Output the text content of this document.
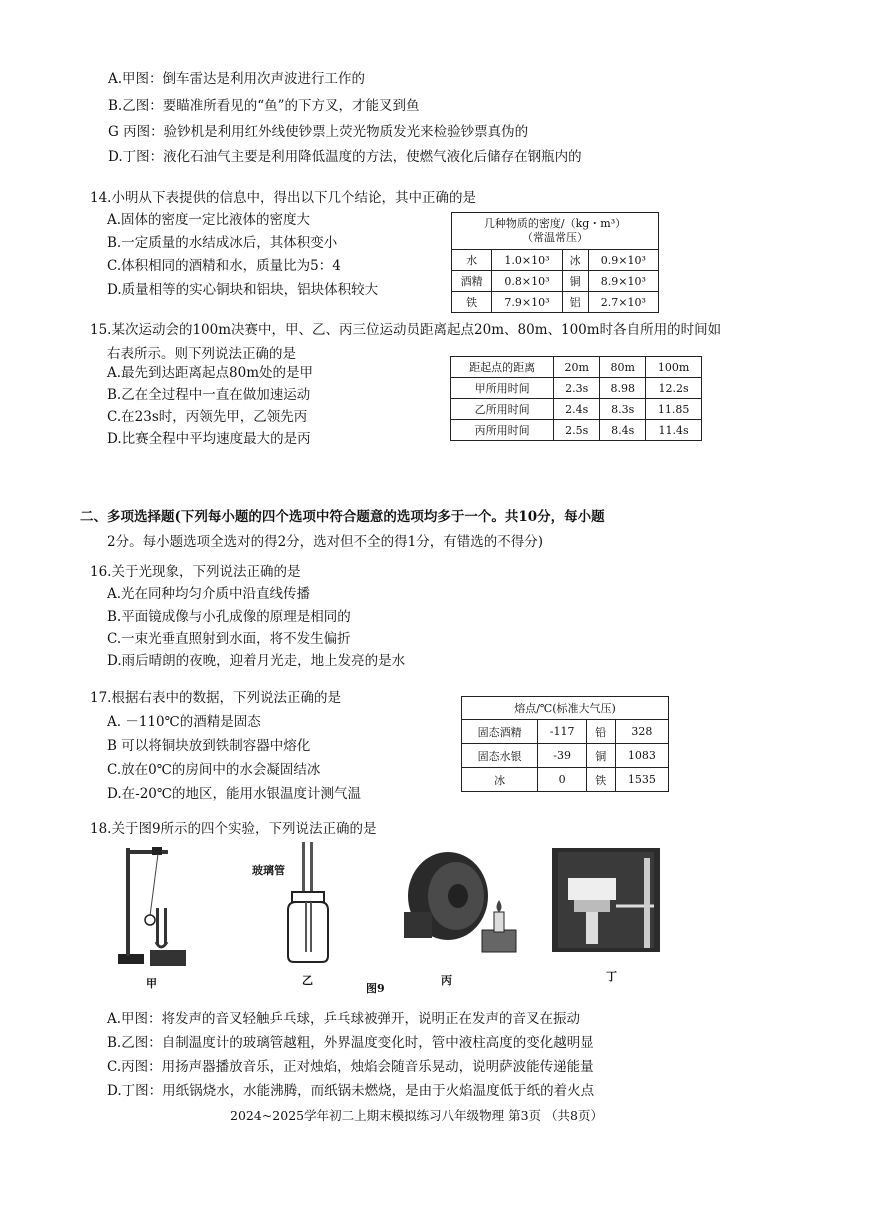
A.甲图：倒车雷达是利用次声波进行工作的
B.乙图：要瞄准所看见的“鱼”的下方叉，才能叉到鱼
G 丙图：验钞机是利用红外线使钞票上荧光物质发光来检验钞票真伪的
D.丁图：液化石油气主要是利用降低温度的方法，使燃气液化后储存在钢瓶内的
14.小明从下表提供的信息中，得出以下几个结论，其中正确的是
A.固体的密度一定比液体的密度大
B.一定质量的水结成冰后，其体积变小
C.体积相同的酒精和水，质量比为5：4
D.质量相等的实心铜块和铝块，铝块体积较大
几种物质的密度/（kg・m³）
（常温常压）			
水	1.0×10³	冰	0.9×10³
酒精	0.8×10³	铜	8.9×10³
铁	7.9×10³	铝	2.7×10³
15.某次运动会的100m决赛中，甲、乙、丙三位运动员距离起点20m、80m、100m时各自所用的时间如
右表所示。则下列说法正确的是
A.最先到达距离起点80m处的是甲
B.乙在全过程中一直在做加速运动
C.在23s时，丙领先甲，乙领先丙
D.比赛全程中平均速度最大的是丙
距起点的距离	20m	80m	100m
甲所用时间	2.3s	8.98	12.2s
乙所用时间	2.4s	8.3s	11.85
丙所用时间	2.5s	8.4s	11.4s
二、多项选择题(下列每小题的四个选项中符合题意的选项均多于一个。共10分，每小题
2分。每小题选项全选对的得2分，选对但不全的得1分，有错选的不得分)
16.关于光现象，下列说法正确的是
A.光在同种均匀介质中沿直线传播
B.平面镜成像与小孔成像的原理是相同的
C.一束光垂直照射到水面，将不发生偏折
D.雨后晴朗的夜晚，迎着月光走，地上发亮的是水
17.根据右表中的数据，下列说法正确的是
A. －110℃的酒精是固态
B 可以将铜块放到铁制容器中熔化
C.放在0℃的房间中的水会凝固结冰
D.在-20℃的地区，能用水银温度计测气温
熔点/℃(标准大气压)			
固态酒精	-117	铅	328
固态水银	-39	铜	1083
冰	0	铁	1535
18.关于图9所示的四个实验，下列说法正确的是
甲
玻璃管
乙	丙
图9
丁
A.甲图：将发声的音叉轻触乒乓球，乒乓球被弹开，说明正在发声的音叉在振动
B.乙图：自制温度计的玻璃管越粗，外界温度变化时，管中液柱高度的变化越明显
C.丙图：用扬声器播放音乐，正对烛焰，烛焰会随音乐晃动，说明萨波能传递能量
D.丁图：用纸锅烧水，水能沸腾，而纸锅未燃烧，是由于火焰温度低于纸的着火点
2024~2025学年初二上期末模拟练习八年级物理 第3页 （共8页）
